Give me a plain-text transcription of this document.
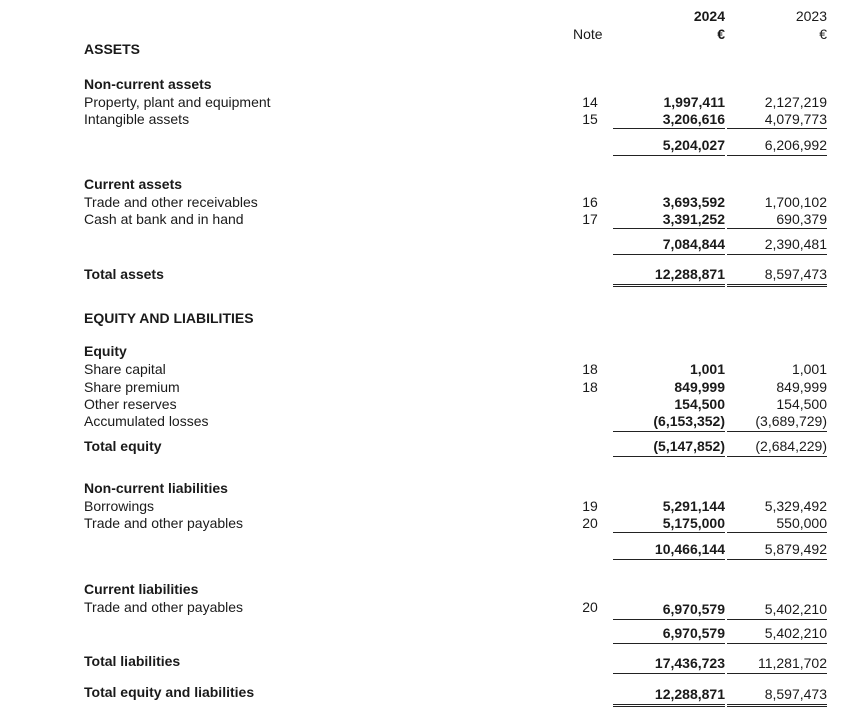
2024	2023
Note	€	€
ASSETS
Non-current assets
Property, plant and equipment	14	1,997,411	2,127,219
Intangible assets	15	3,206,616	4,079,773
5,204,027	6,206,992
Current assets
Trade and other receivables	16	3,693,592	1,700,102
Cash at bank and in hand	17	3,391,252	690,379
7,084,844	2,390,481
Total assets	12,288,871	8,597,473
EQUITY AND LIABILITIES
Equity
Share capital	18	1,001	1,001
Share premium	18	849,999	849,999
Other reserves	154,500	154,500
Accumulated losses	(6,153,352) (3,689,729)
Total equity	(5,147,852) (2,684,229)
Non-current liabilities
Borrowings	19	5,291,144	5,329,492
Trade and other payables	20	5,175,000	550,000
10,466,144	5,879,492
Current liabilities
Trade and other payables	20	6,970,579	5,402,210
6,970,579	5,402,210
Total liabilities	17,436,723 11,281,702
Total equity and liabilities	12,288,871	8,597,473
